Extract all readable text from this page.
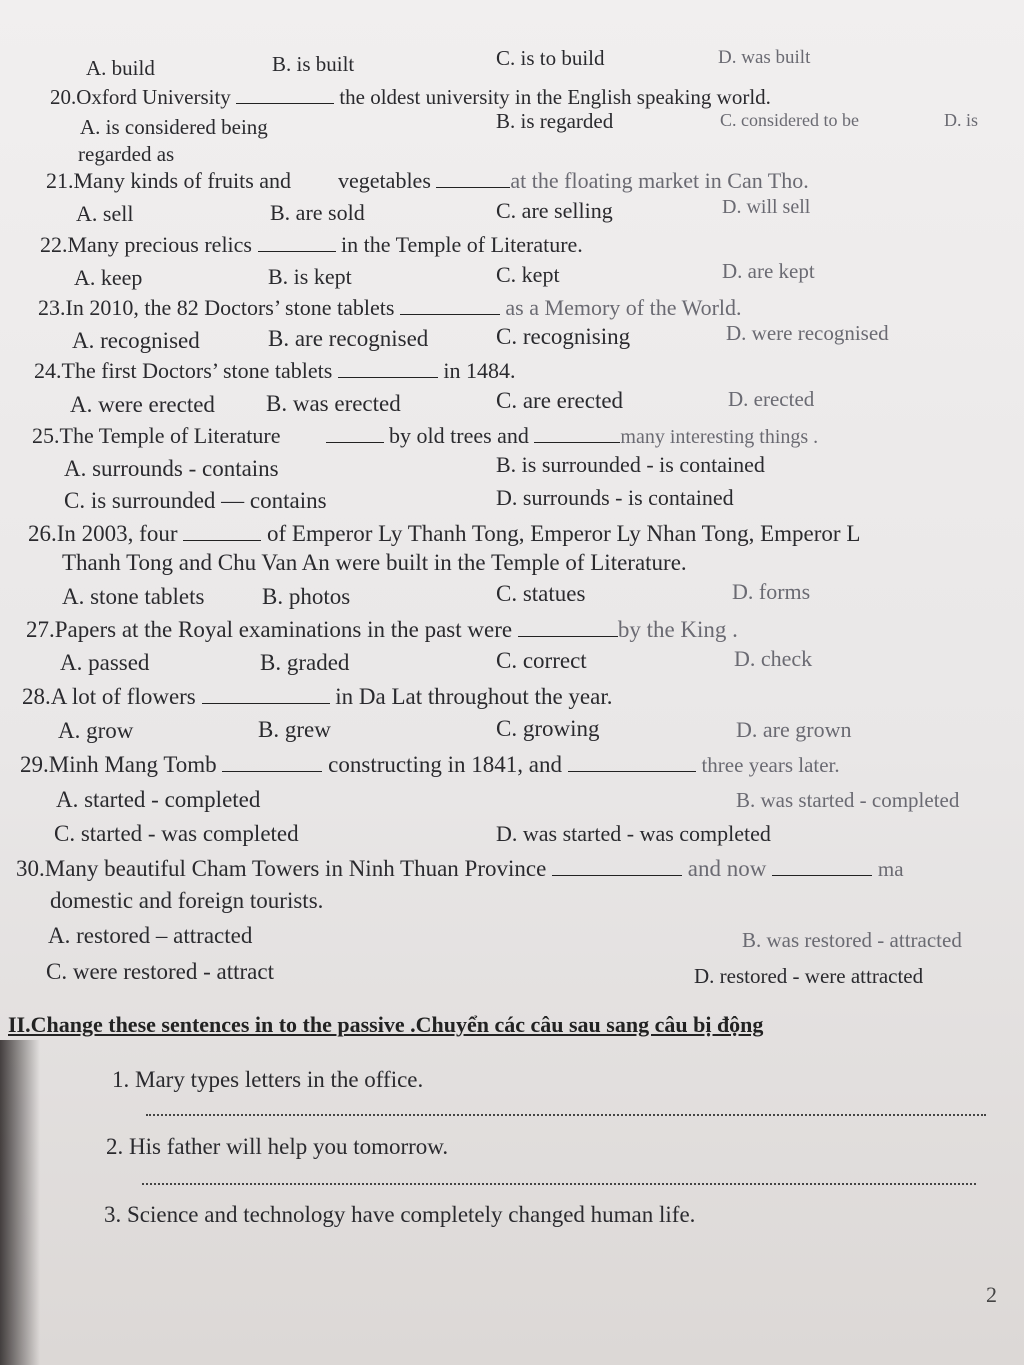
A. build	B. is built	C. is to build	D. was built
20.Oxford University	the oldest university in the English speaking world.
A. is considered being
regarded as
B. is regarded	C. considered to be	D. is
21.Many kinds of fruits and vegetables	at the floating market in Can Tho.
A. sell	B. are sold	C. are selling	D. will sell
22.Many precious relics	in the Temple of Literature.
A. keep	B. is kept	C. kept	D. are kept
23.In 2010, the 82 Doctors’ stone tablets	as a Memory of the World.
A. recognised	B. are recognised	C. recognising	D. were recognised
24.The first Doctors’ stone tablets	in 1484.
A. were erected B. was erected	C. are erected	D. erected
25.The Temple of Literature	by old trees and	many interesting things .
A. surrounds - contains	B. is surrounded - is contained
C. is surrounded — contains	D. surrounds - is contained
26.In 2003, four	of Emperor Ly Thanh Tong, Emperor Ly Nhan Tong, Emperor L
Thanh Tong and Chu Van An were built in the Temple of Literature.
A. stone tablets	B. photos	C. statues	D. forms
27.Papers at the Royal examinations in the past were	by the King .
A. passed	B. graded	C. correct	D. check
28.A lot of flowers	in Da Lat throughout the year.
A. grow	B. grew	C. growing	D. are grown
29.Minh Mang Tomb	constructing in 1841, and	three years later.
A. started - completed	B. was started - completed
C. started - was completed	D. was started - was completed
30.Many beautiful Cham Towers in Ninh Thuan Province	and now	ma
domestic and foreign tourists.
A. restored – attracted	B. was restored - attracted
C. were restored - attract	D. restored - were attracted
II.Change these sentences in to the passive .Chuyển các câu sau sang câu bị động
1. Mary types letters in the office.
2. His father will help you tomorrow.
3. Science and technology have completely changed human life.
2
